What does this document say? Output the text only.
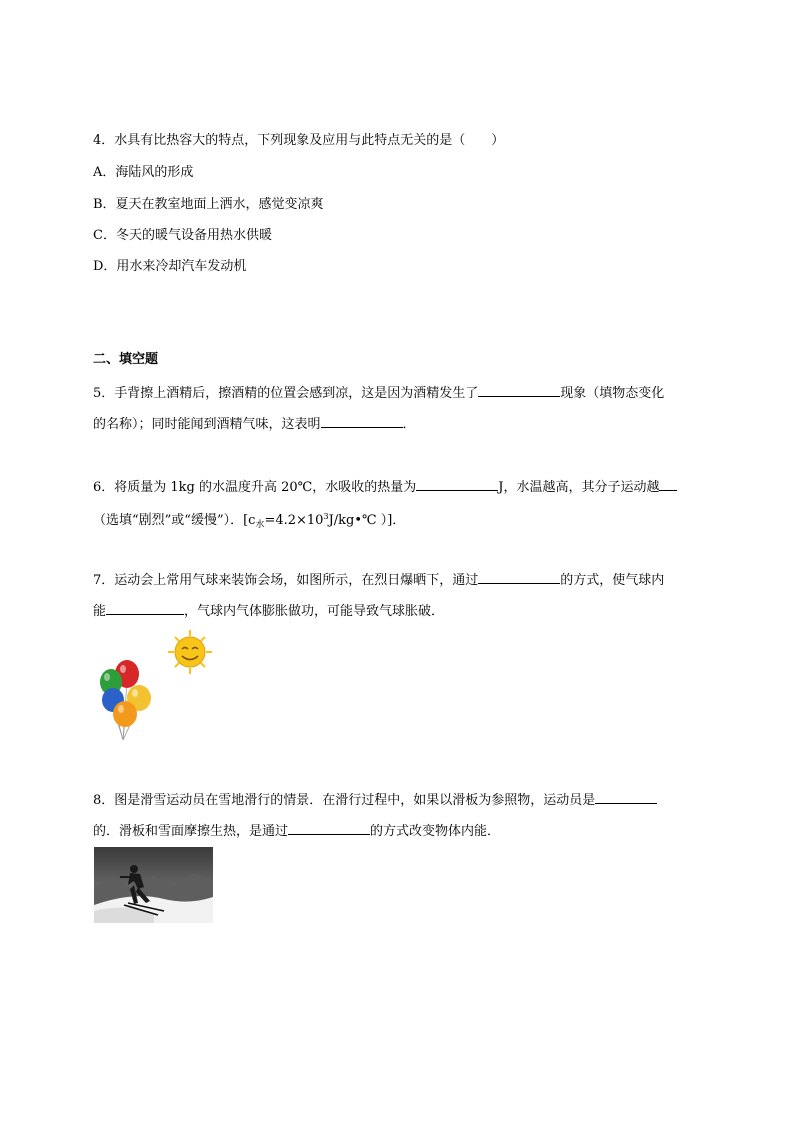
4．水具有比热容大的特点，下列现象及应用与此特点无关的是（　　）
A．海陆风的形成
B．夏天在教室地面上洒水，感觉变凉爽
C．冬天的暖气设备用热水供暖
D．用水来冷却汽车发动机
二、填空题
5．手背擦上酒精后，擦酒精的位置会感到凉，这是因为酒精发生了	现象（填物态变化
的名称）；同时能闻到酒精气味，这表明	．
6．将质量为 1kg 的水温度升高 20℃，水吸收的热量为	J，水温越高，其分子运动越
（选填“剧烈”或“缓慢”）．[$c_水=4.2\times 10^3J/kg•℃$ ）]．
7．运动会上常用气球来装饰会场，如图所示，在烈日爆晒下，通过	的方式，使气球内
能	，气球内气体膨胀做功，可能导致气球胀破．
8．图是滑雪运动员在雪地滑行的情景．在滑行过程中，如果以滑板为参照物，运动员是
的．滑板和雪面摩擦生热，是通过	的方式改变物体内能．
